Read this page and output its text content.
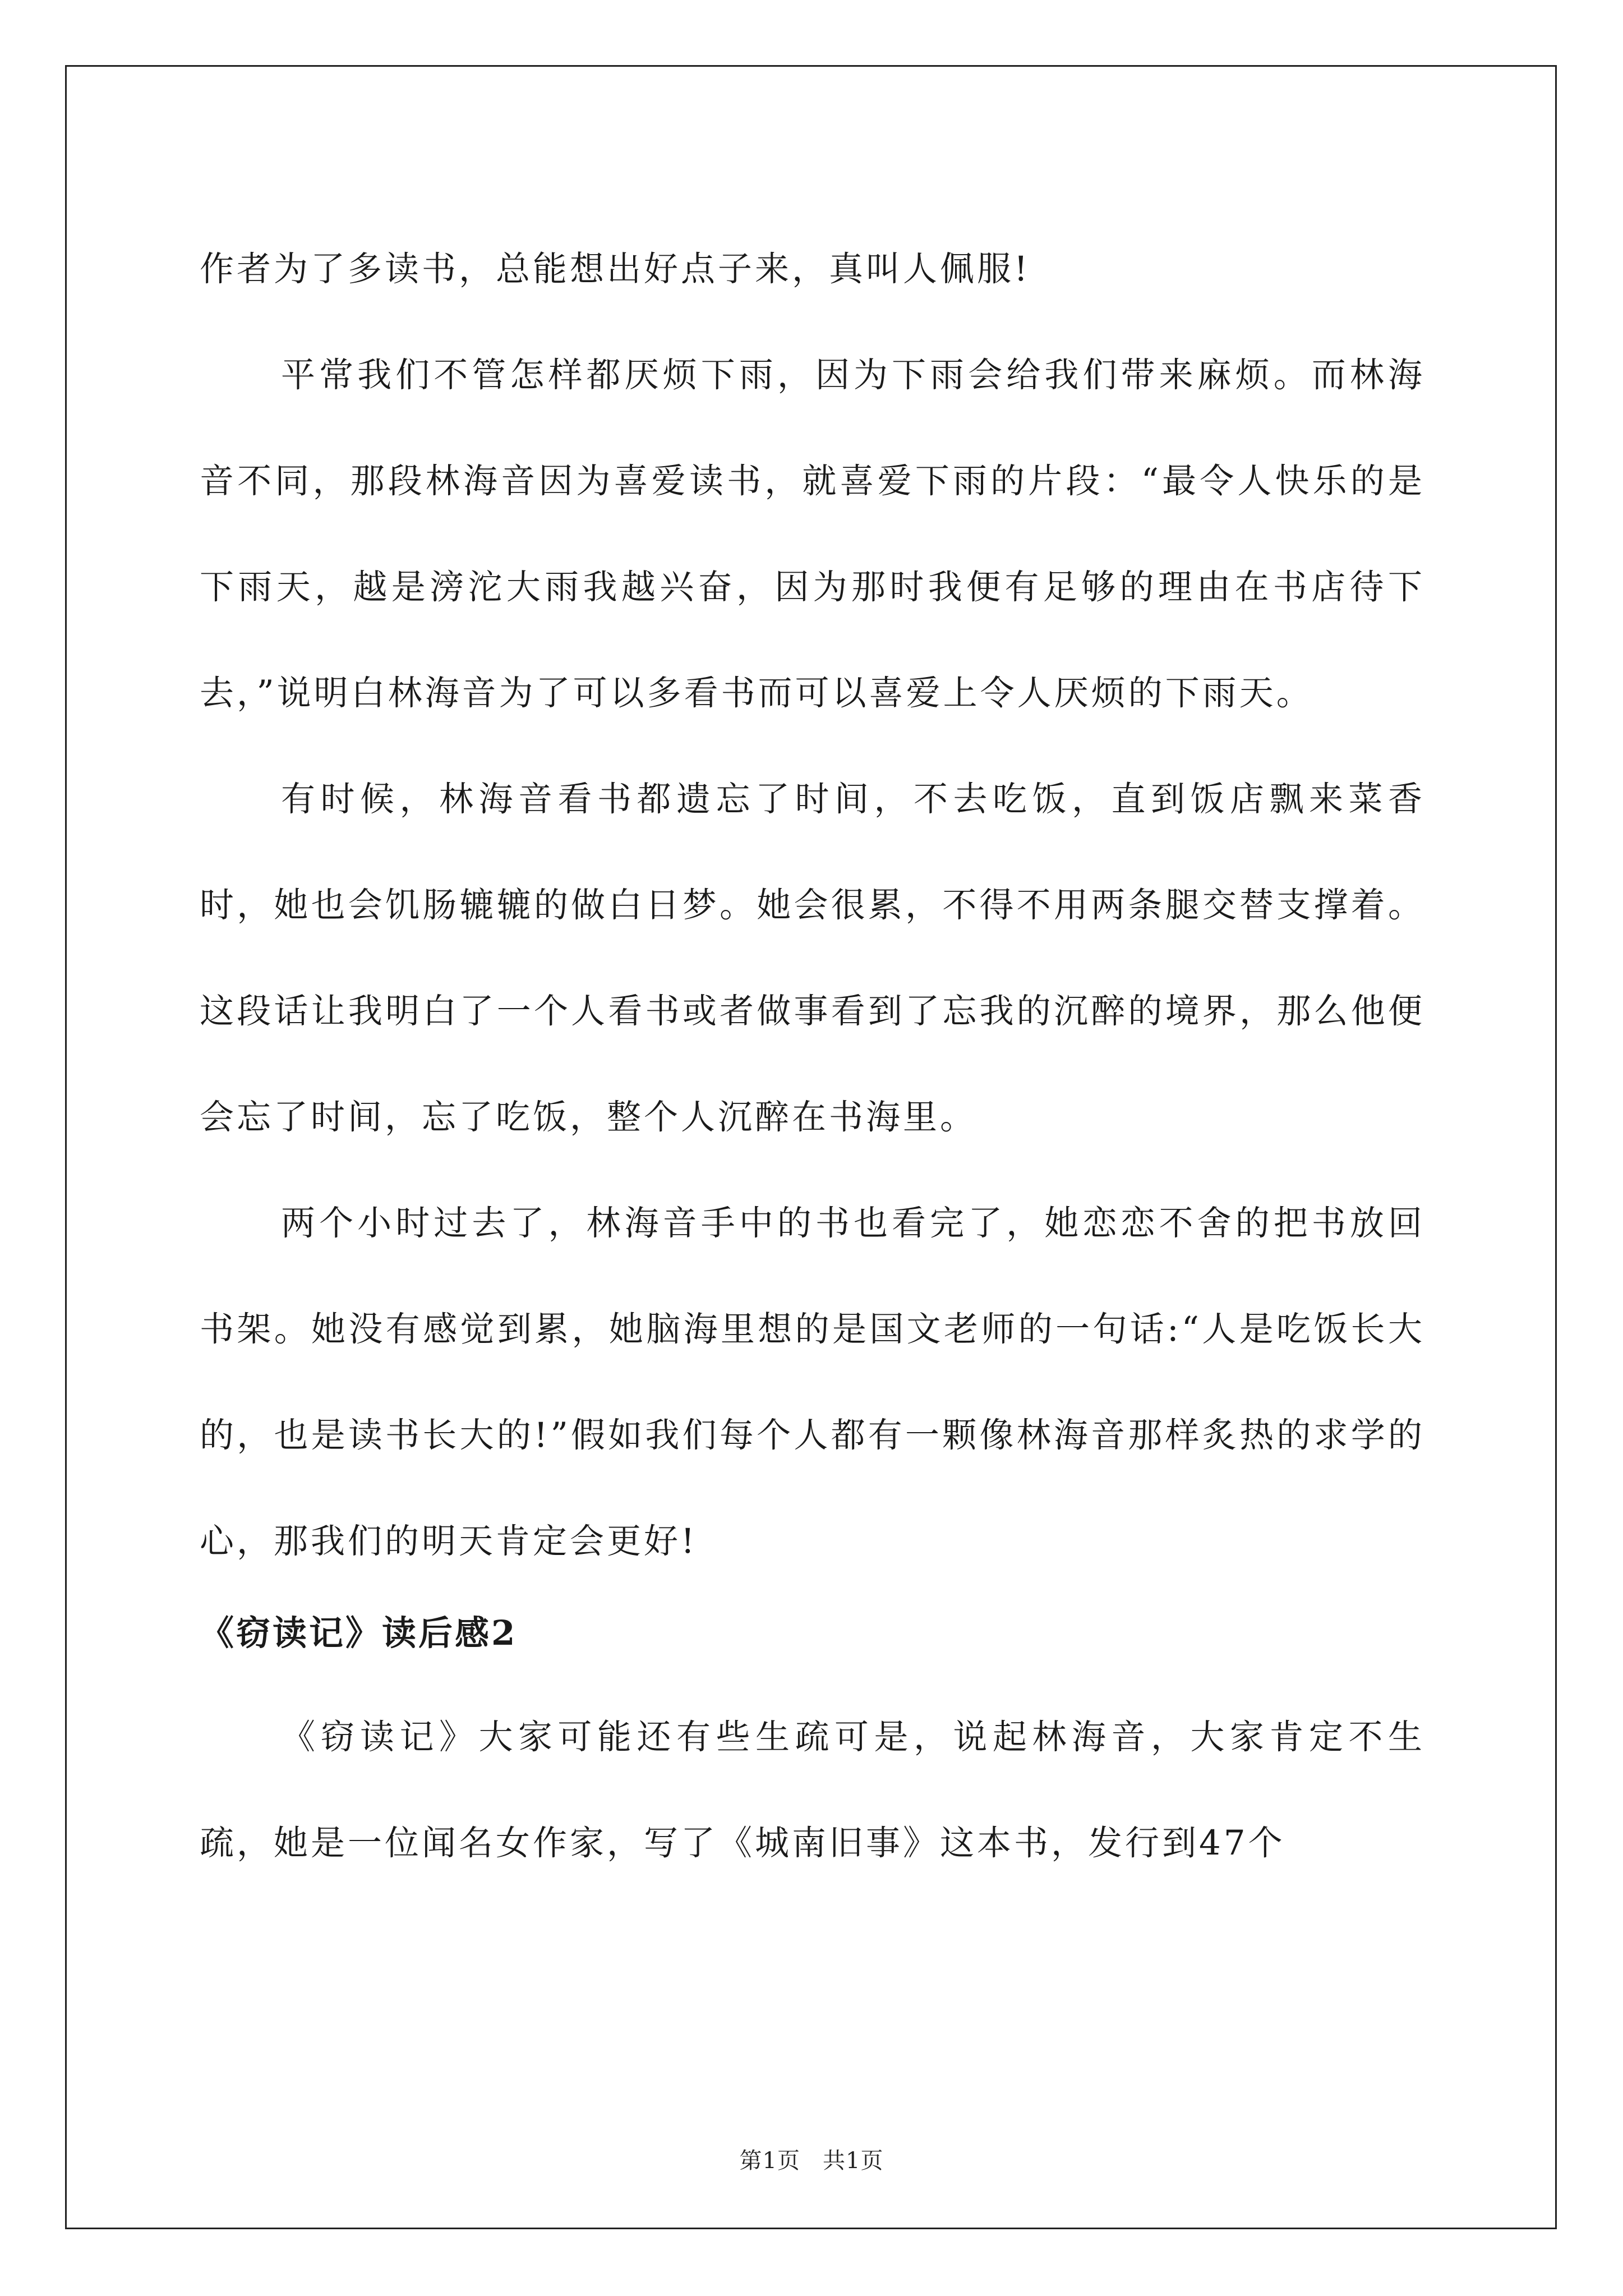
作者为了多读书，总能想出好点子来，真叫人佩服!

平常我们不管怎样都厌烦下雨，因为下雨会给我们带来麻烦。而林海音不同，那段林海音因为喜爱读书，就喜爱下雨的片段：“最令人快乐的是下雨天，越是滂沱大雨我越兴奋，因为那时我便有足够的理由在书店待下去，”说明白林海音为了可以多看书而可以喜爱上令人厌烦的下雨天。

有时候，林海音看书都遗忘了时间，不去吃饭，直到饭店飘来菜香时，她也会饥肠辘辘的做白日梦。她会很累，不得不用两条腿交替支撑着。这段话让我明白了一个人看书或者做事看到了忘我的沉醉的境界，那么他便会忘了时间，忘了吃饭，整个人沉醉在书海里。

两个小时过去了，林海音手中的书也看完了，她恋恋不舍的把书放回书架。她没有感觉到累，她脑海里想的是国文老师的一句话:“人是吃饭长大的，也是读书长大的!”假如我们每个人都有一颗像林海音那样炙热的求学的心，那我们的明天肯定会更好!

《窃读记》读后感2

《窃读记》大家可能还有些生疏可是，说起林海音，大家肯定不生疏，她是一位闻名女作家，写了《城南旧事》这本书，发行到47个

第1页 共1页
